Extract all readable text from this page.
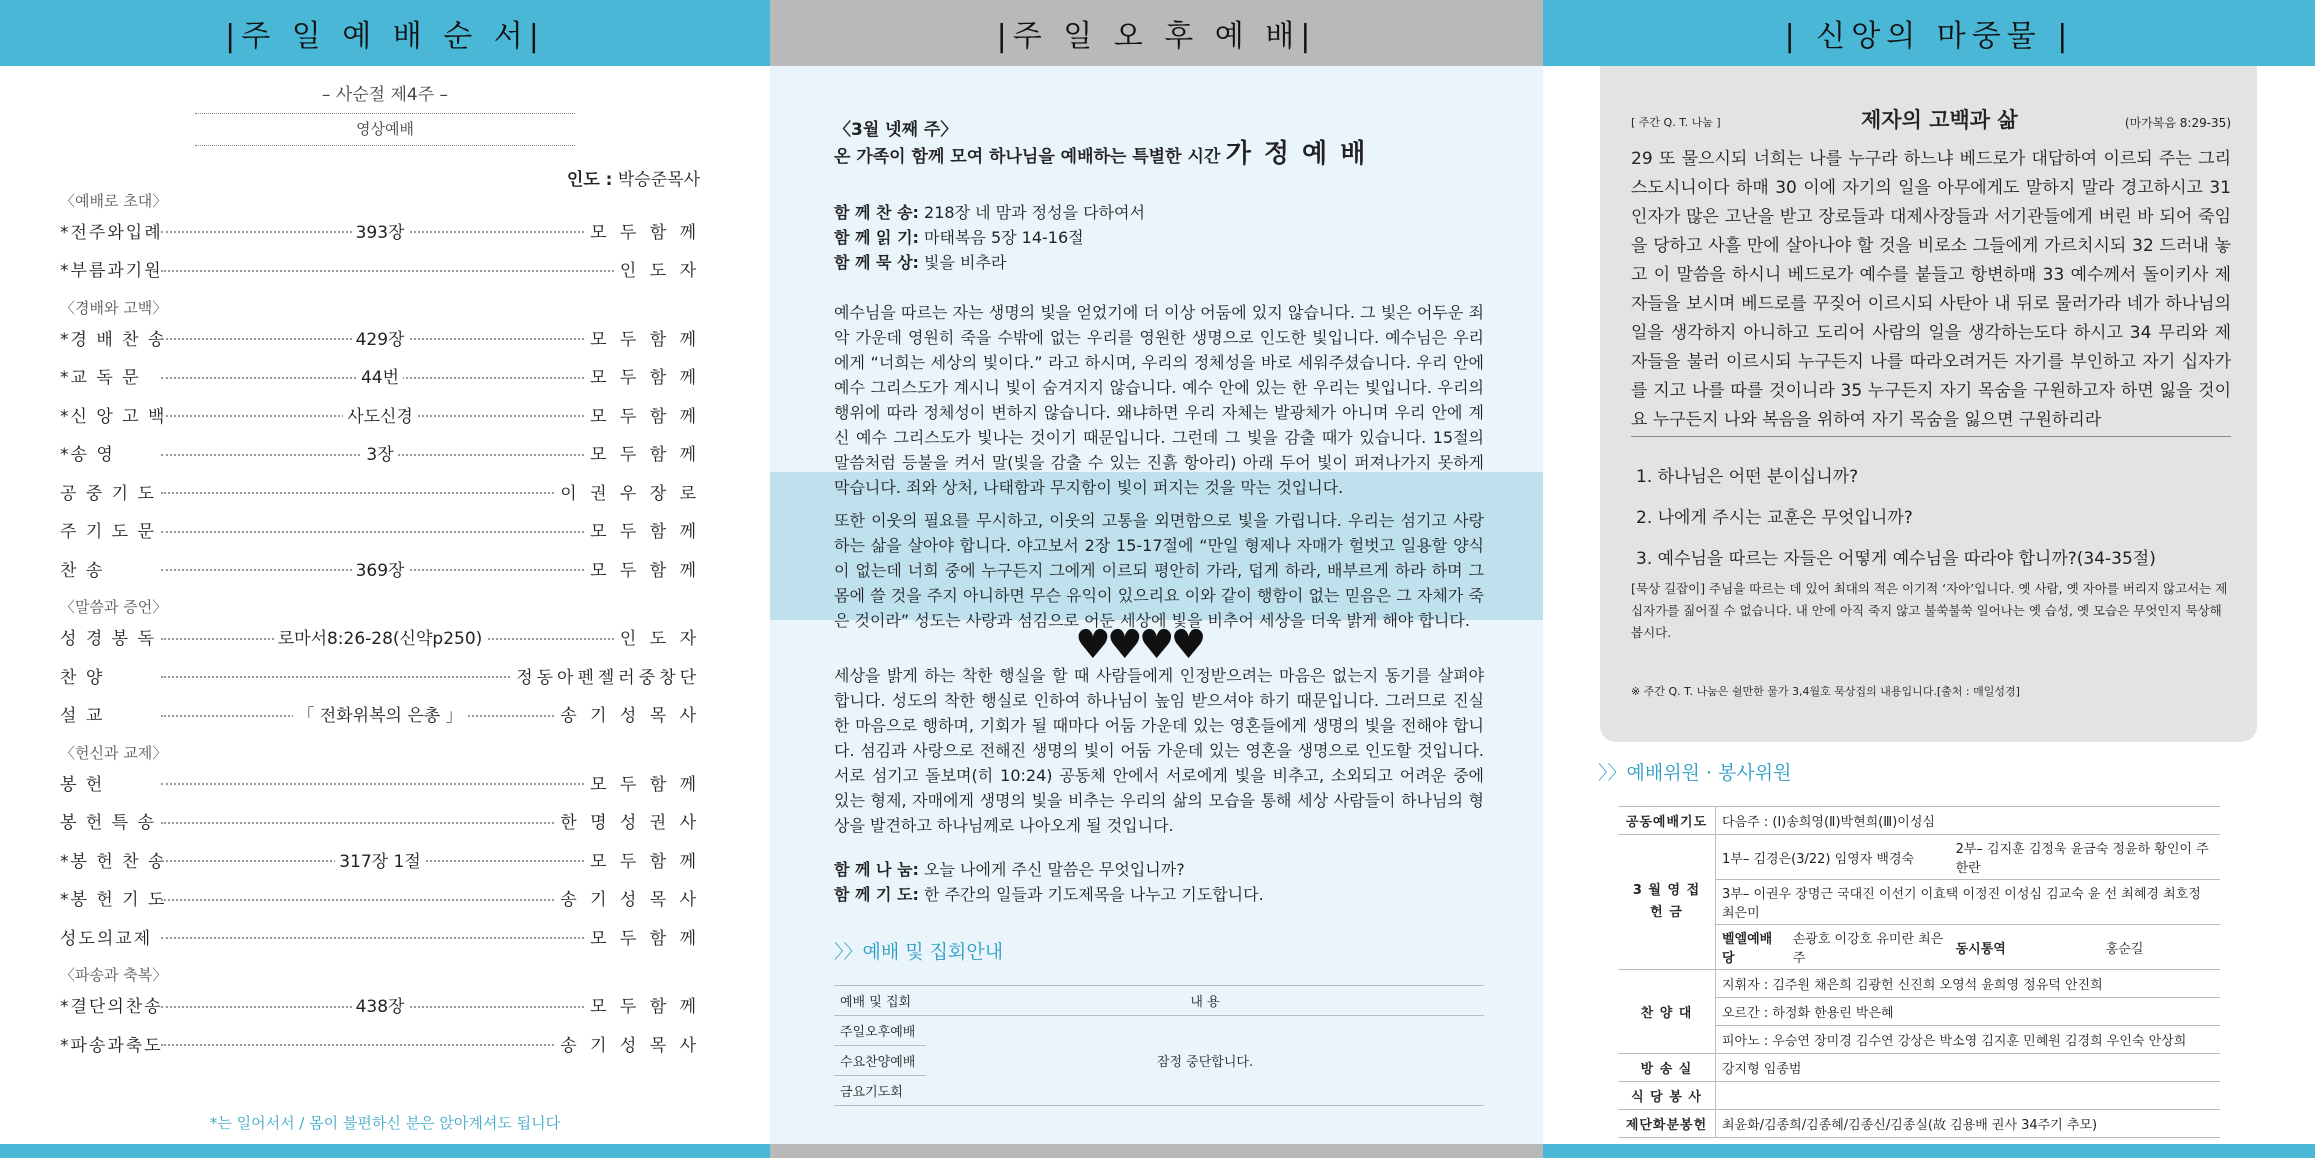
|주 일 예 배 순 서|
– 사순절 제4주 –
영상예배
인도 : 박승준목사
〈예배로 초대〉
*전주와입례	393장	모 두 함 께
*부름과기원	인 도 자
〈경배와 고백〉
*경 배 찬 송	429장	모 두 함 께
*교 독 문	44번	모 두 함 께
*신 앙 고 백	사도신경	모 두 함 께
*송 영	3장	모 두 함 께
공 중 기 도	이 권 우 장 로
주 기 도 문	모 두 함 께
찬 송	369장	모 두 함 께
〈말씀과 증언〉
성 경 봉 독	로마서8:26-28(신약p250)	인 도 자
찬 양	정동아펜젤러중창단
설 교	「 전화위복의 은총 」	송 기 성 목 사
〈헌신과 교제〉
봉 헌	모 두 함 께
봉 헌 특 송	한 명 성 권 사
*봉 헌 찬 송	317장 1절	모 두 함 께
*봉 헌 기 도	송 기 성 목 사
성도의교제	모 두 함 께
〈파송과 축복〉
*결단의찬송	438장	모 두 함 께
*파송과축도	송 기 성 목 사
*는 일어서서 / 몸이 불편하신 분은 앉아계셔도 됩니다
|주 일 오 후 예 배|
〈3월 넷째 주〉
온 가족이 함께 모여 하나님을 예배하는 특별한 시간 가 정 예 배
함 께 찬 송: 218장 네 맘과 정성을 다하여서
함 께 읽 기: 마태복음 5장 14-16절
함 께 묵 상: 빛을 비추라
예수님을 따르는 자는 생명의 빛을 얻었기에 더 이상 어둠에 있지 않습니다. 그 빛은 어두운 죄악 가운데 영원히 죽을 수밖에 없는 우리를 영원한 생명으로 인도한 빛입니다. 예수님은 우리에게 “너희는 세상의 빛이다.” 라고 하시며, 우리의 정체성을 바로 세워주셨습니다. 우리 안에 예수 그리스도가 계시니 빛이 숨겨지지 않습니다. 예수 안에 있는 한 우리는 빛입니다. 우리의 행위에 따라 정체성이 변하지 않습니다. 왜냐하면 우리 자체는 발광체가 아니며 우리 안에 계신 예수 그리스도가 빛나는 것이기 때문입니다. 그런데 그 빛을 감출 때가 있습니다. 15절의 말씀처럼 등불을 켜서 말(빛을 감출 수 있는 진흙 항아리) 아래 두어 빛이 퍼져나가지 못하게 막습니다. 죄와 상처, 나태함과 무지함이 빛이 퍼지는 것을 막는 것입니다.
또한 이웃의 필요를 무시하고, 이웃의 고통을 외면함으로 빛을 가립니다. 우리는 섬기고 사랑하는 삶을 살아야 합니다. 야고보서 2장 15-17절에 “만일 형제나 자매가 헐벗고 일용할 양식이 없는데 너희 중에 누구든지 그에게 이르되 평안히 가라, 덥게 하라, 배부르게 하라 하며 그 몸에 쓸 것을 주지 아니하면 무슨 유익이 있으리요 이와 같이 행함이 없는 믿음은 그 자체가 죽은 것이라” 성도는 사랑과 섬김으로 어둔 세상에 빛을 비추어 세상을 더욱 밝게 해야 합니다.
♥♥♥♥
세상을 밝게 하는 착한 행실을 할 때 사람들에게 인정받으려는 마음은 없는지 동기를 살펴야 합니다. 성도의 착한 행실로 인하여 하나님이 높임 받으셔야 하기 때문입니다. 그러므로 진실한 마음으로 행하며, 기회가 될 때마다 어둠 가운데 있는 영혼들에게 생명의 빛을 전해야 합니다. 섬김과 사랑으로 전해진 생명의 빛이 어둠 가운데 있는 영혼을 생명으로 인도할 것입니다. 서로 섬기고 돌보며(히 10:24) 공동체 안에서 서로에게 빛을 비추고, 소외되고 어려운 중에 있는 형제, 자매에게 생명의 빛을 비추는 우리의 삶의 모습을 통해 세상 사람들이 하나님의 형상을 발견하고 하나님께로 나아오게 될 것입니다.
함 께 나 눔: 오늘 나에게 주신 말씀은 무엇입니까?
함 께 기 도: 한 주간의 일들과 기도제목을 나누고 기도합니다.
〉〉예배 및 집회안내
예배 및 집회	내 용
주일오후예배	잠정 중단합니다.
수요찬양예배	
금요기도회	
| 신앙의 마중물 |
[ 주간 Q. T. 나눔 ]	제자의 고백과 삶	(마가복음 8:29-35)
29 또 물으시되 너희는 나를 누구라 하느냐 베드로가 대답하여 이르되 주는 그리스도시니이다 하매 30 이에 자기의 일을 아무에게도 말하지 말라 경고하시고 31 인자가 많은 고난을 받고 장로들과 대제사장들과 서기관들에게 버린 바 되어 죽임을 당하고 사흘 만에 살아나야 할 것을 비로소 그들에게 가르치시되 32 드러내 놓고 이 말씀을 하시니 베드로가 예수를 붙들고 항변하매 33 예수께서 돌이키사 제자들을 보시며 베드로를 꾸짖어 이르시되 사탄아 내 뒤로 물러가라 네가 하나님의 일을 생각하지 아니하고 도리어 사람의 일을 생각하는도다 하시고 34 무리와 제자들을 불러 이르시되 누구든지 나를 따라오려거든 자기를 부인하고 자기 십자가를 지고 나를 따를 것이니라 35 누구든지 자기 목숨을 구원하고자 하면 잃을 것이요 누구든지 나와 복음을 위하여 자기 목숨을 잃으면 구원하리라
1. 하나님은 어떤 분이십니까?
2. 나에게 주시는 교훈은 무엇입니까?
3. 예수님을 따르는 자들은 어떻게 예수님을 따라야 합니까?(34-35절)
[묵상 길잡이] 주님을 따르는 데 있어 최대의 적은 이기적 ‘자아’입니다. 옛 사람, 옛 자아를 버리지 않고서는 제 십자가를 짊어질 수 없습니다. 내 안에 아직 죽지 않고 불쑥불쑥 일어나는 옛 습성, 옛 모습은 무엇인지 묵상해 봅시다.
※ 주간 Q. T. 나눔은 쉴만한 물가 3,4월호 묵상집의 내용입니다.[출처 : 매일성경]
〉〉예배위원 · 봉사위원
공동예배기도	다음주 : (Ⅰ)송희영(Ⅱ)박현희(Ⅲ)이성심			
3 월 영 접 헌 금	1부– 김경은(3/22) 임영자 백경숙		2부– 김지훈 김정욱 윤금숙 정윤하 황인이 주한란	
	3부– 이권우 장명근 국대진 이선기 이효택 이정진 이성심 김교숙 윤 선 최혜경 최호정 최은미			
	벨엘예배당	손광호 이강호 유미란 최은주	동시통역	홍순길
찬 양 대	지휘자 : 김주원 채은희 김광헌 신진희 오영석 윤희영 정유덕 안진희			
	오르간 : 하정화 한용린 박은혜			
	피아노 : 우승연 장미경 김수연 강상은 박소영 김지훈 민혜원 김경희 우인숙 안상희			
방 송 실	강지형 임종범			
식 당 봉 사				
제단화분봉헌	최윤화/김종희/김종혜/김종신/김종실(故 김용배 권사 34주기 추모)			
